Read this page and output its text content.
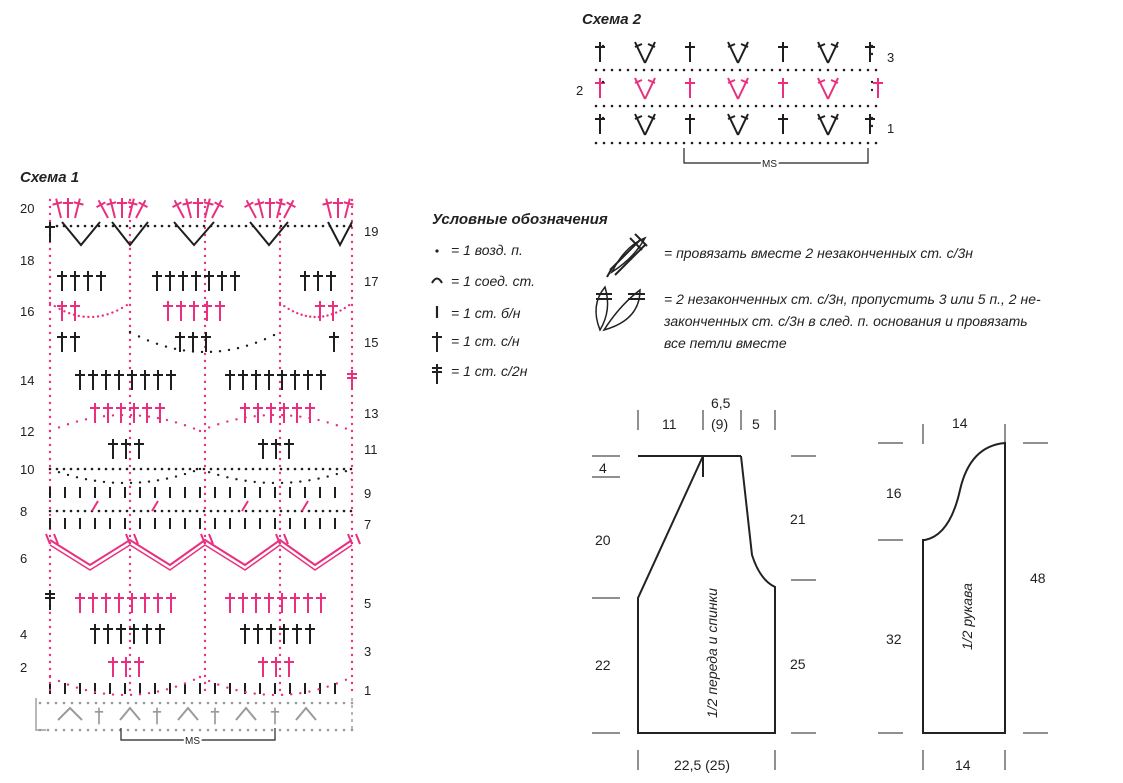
Схема 1
2
4
6
8
10
12
14
16
18
20
1
3
5
7
9
11
13
15
17
19
MS
Схема 2
3
2
1
MS
Условные обозначения
= 1 возд. п.
= 1 соед. ст.
= 1 ст. б/н
= 1 ст. с/н
= 1 ст. с/2н
= провязать вместе 2 незаконченных ст. с/3н
= 2 незаконченных ст. с/3н, пропустить 3 или 5 п., 2 не-
законченных ст. с/3н в след. п. основания и провязать
все петли вместе
11
6,5
(9) 5
4
20
22
21
25
22,5 (25)
1/2 переда и спинки
14
16
32
48
14
1/2 рукава
